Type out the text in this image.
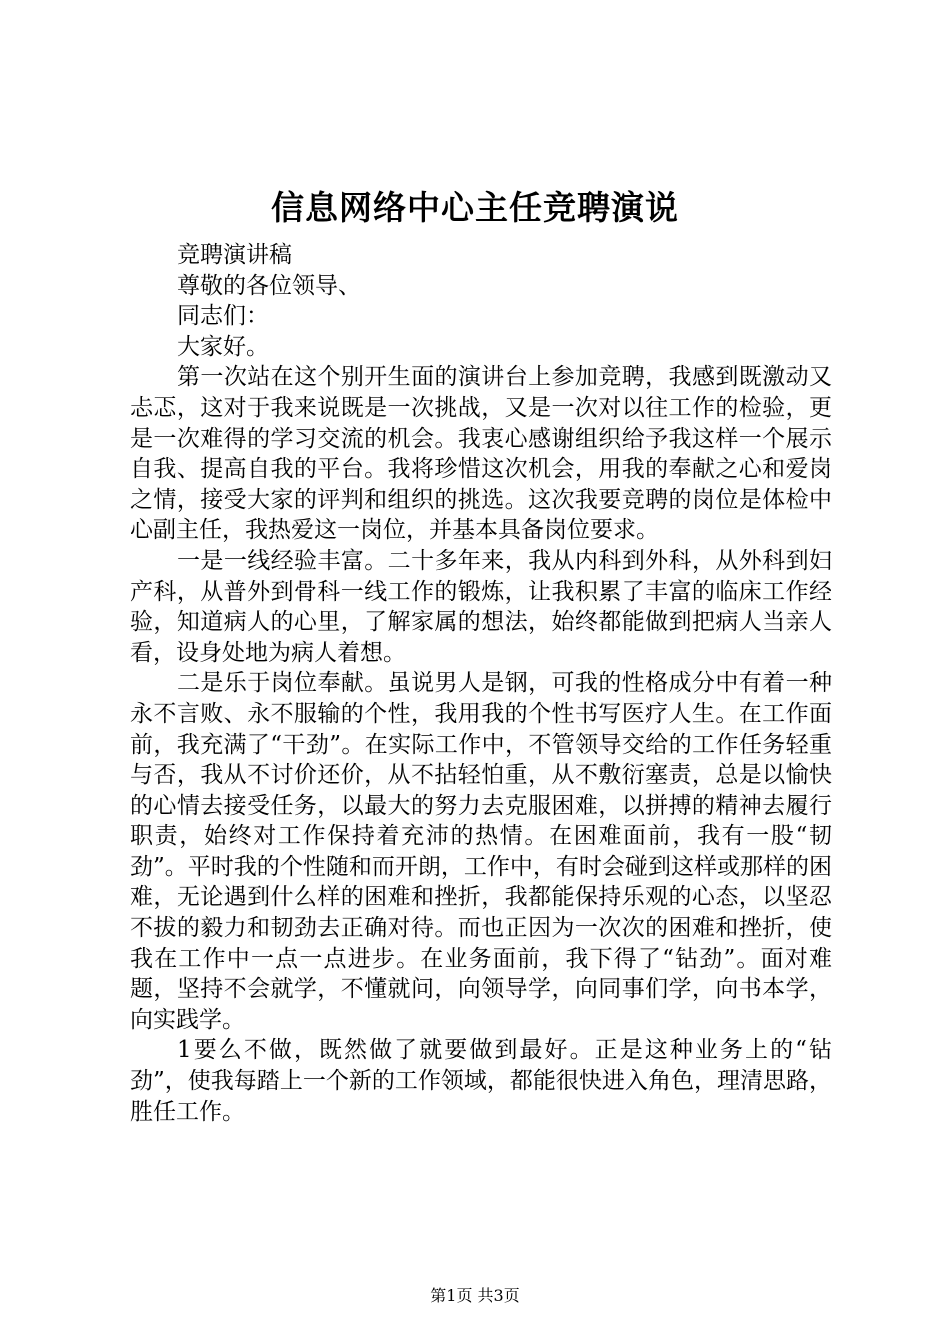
信息网络中心主任竞聘演说

竞聘演讲稿

尊敬的各位领导、

同志们：

大家好。

第一次站在这个别开生面的演讲台上参加竞聘，我感到既激动又忐忑，这对于我来说既是一次挑战，又是一次对以往工作的检验，更是一次难得的学习交流的机会。我衷心感谢组织给予我这样一个展示自我、提高自我的平台。我将珍惜这次机会，用我的奉献之心和爱岗之情，接受大家的评判和组织的挑选。这次我要竞聘的岗位是体检中心副主任，我热爱这一岗位，并基本具备岗位要求。

一是一线经验丰富。二十多年来，我从内科到外科，从外科到妇产科，从普外到骨科一线工作的锻炼，让我积累了丰富的临床工作经验，知道病人的心里，了解家属的想法，始终都能做到把病人当亲人看，设身处地为病人着想。

二是乐于岗位奉献。虽说男人是钢，可我的性格成分中有着一种永不言败、永不服输的个性，我用我的个性书写医疗人生。在工作面前，我充满了“干劲”。在实际工作中，不管领导交给的工作任务轻重与否，我从不讨价还价，从不拈轻怕重，从不敷衍塞责，总是以愉快的心情去接受任务，以最大的努力去克服困难，以拼搏的精神去履行职责，始终对工作保持着充沛的热情。在困难面前，我有一股“韧劲”。平时我的个性随和而开朗，工作中，有时会碰到这样或那样的困难，无论遇到什么样的困难和挫折，我都能保持乐观的心态，以坚忍不拔的毅力和韧劲去正确对待。而也正因为一次次的困难和挫折，使我在工作中一点一点进步。在业务面前，我下得了“钻劲”。面对难题，坚持不会就学，不懂就问，向领导学，向同事们学，向书本学，向实践学。

1要么不做，既然做了就要做到最好。正是这种业务上的“钻劲”，使我每踏上一个新的工作领域，都能很快进入角色，理清思路，胜任工作。

第1页 共3页
